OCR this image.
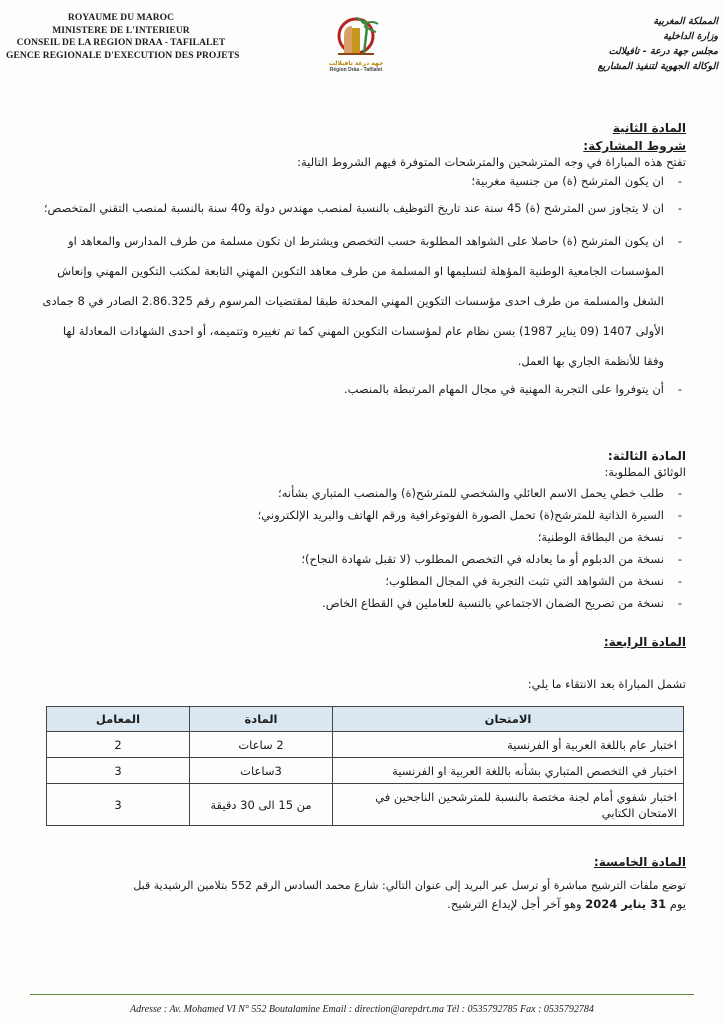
ROYAUME DU MAROC
MINISTERE DE L'INTERIEUR
CONSEIL DE LA REGION DRAA - TAFILALET
GENCE REGIONALE D'EXECUTION DES PROJETS
جهة درعة تافيلالت
Région Drâa - Tafilalet
المملكة المغربية
وزارة الداخلية
مجلس جهة درعة - تافيلالت
الوكالة الجهوية لتنفيذ المشاريع
المادة الثانية
شروط المشاركة:
تفتح هذه المباراة في وجه المترشحين والمترشحات المتوفرة فيهم الشروط التالية:
- ان يكون المترشح (ة) من جنسية مغربية؛
- ان لا يتجاوز سن المترشح (ة) 45 سنة عند تاريخ التوظيف بالنسبة لمنصب مهندس دولة و40 سنة بالنسبة لمنصب التقني المتخصص؛
- ان يكون المترشح (ة) حاصلا على الشواهد المطلوبة حسب التخصص ويشترط ان تكون مسلمة من طرف المدارس والمعاهد او المؤسسات الجامعية الوطنية المؤهلة لتسليمها او المسلمة من طرف معاهد التكوين المهني التابعة لمكتب التكوين المهني وإنعاش الشغل والمسلمة من طرف احدى مؤسسات التكوين المهني المحدثة طبقا لمقتضيات المرسوم رقم 2.86.325 الصادر في 8 جمادى الأولى 1407 (09 يناير 1987) بسن نظام عام لمؤسسات التكوين المهني كما تم تغييره وتتميمه، أو احدى الشهادات المعادلة لها وفقا للأنظمة الجاري بها العمل.
- أن يتوفروا على التجربة المهنية في مجال المهام المرتبطة بالمنصب.
المادة الثالثة:
الوثائق المطلوبة:
- طلب خطي يحمل الاسم العائلي والشخصي للمترشح(ة) والمنصب المتباري بشأنه؛
- السيرة الذاتية للمترشح(ة) تحمل الصورة الفوتوغرافية ورقم الهاتف والبريد الإلكتروني؛
- نسخة من البطاقة الوطنية؛
- نسخة من الدبلوم أو ما يعادله في التخصص المطلوب (لا تقبل شهادة النجاح)؛
- نسخة من الشواهد التي تثبت التجربة في المجال المطلوب؛
- نسخة من تصريح الضمان الاجتماعي بالنسبة للعاملين في القطاع الخاص.
المادة الرابعة:
تشمل المباراة بعد الانتقاء ما يلي:
الامتحان	المادة	المعامل
اختبار عام باللغة العربية أو الفرنسية	2 ساعات	2
اختبار في التخصص المتباري بشأنه باللغة العربية او الفرنسية	3ساعات	3
اختبار شفوي أمام لجنة مختصة بالنسبة للمترشحين الناجحين في الامتحان الكتابي	من 15 الى 30 دقيقة	3
المادة الخامسة:
توضع ملفات الترشيح مباشرة أو ترسل عبر البريد إلى عنوان التالي: شارع محمد السادس الرقم 552 بتلامين الرشيدية قبل
يوم 31 يناير 2024 وهو آخر أجل لإيداع الترشيح.
Adresse : Av. Mohamed VI N° 552 Boutalamine Email : direction@arepdrt.ma Tél : 0535792785 Fax : 0535792784
